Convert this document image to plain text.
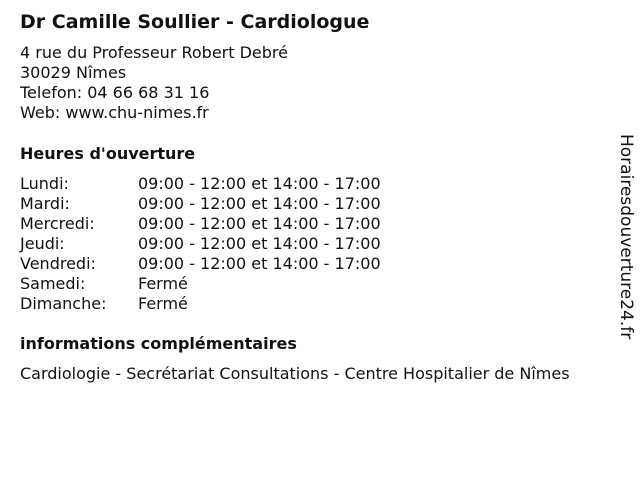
Dr Camille Soullier - Cardiologue
4 rue du Professeur Robert Debré
30029 Nîmes
Telefon: 04 66 68 31 16
Web: www.chu-nimes.fr
Heures d'ouverture
Lundi:	09:00 - 12:00 et 14:00 - 17:00
Mardi:	09:00 - 12:00 et 14:00 - 17:00
Mercredi:	09:00 - 12:00 et 14:00 - 17:00
Jeudi:	09:00 - 12:00 et 14:00 - 17:00
Vendredi:	09:00 - 12:00 et 14:00 - 17:00
Samedi:	Fermé
Dimanche:	Fermé
informations complémentaires
Cardiologie - Secrétariat Consultations - Centre Hospitalier de Nîmes
Horairesdouverture24.fr
